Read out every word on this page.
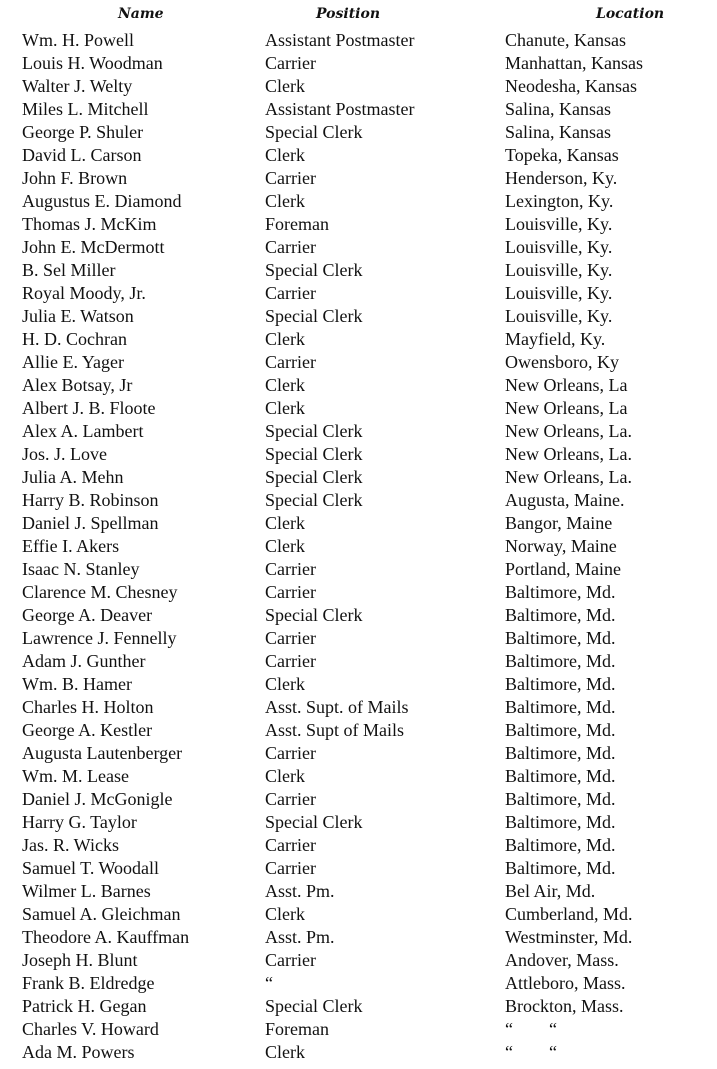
Name	Position	Location
Wm. H. Powell	Assistant Postmaster	Chanute, Kansas
Louis H. Woodman	Carrier	Manhattan, Kansas
Walter J. Welty	Clerk	Neodesha, Kansas
Miles L. Mitchell	Assistant Postmaster	Salina, Kansas
George P. Shuler	Special Clerk	Salina, Kansas
David L. Carson	Clerk	Topeka, Kansas
John F. Brown	Carrier	Henderson, Ky.
Augustus E. Diamond	Clerk	Lexington, Ky.
Thomas J. McKim	Foreman	Louisville, Ky.
John E. McDermott	Carrier	Louisville, Ky.
B. Sel Miller	Special Clerk	Louisville, Ky.
Royal Moody, Jr.	Carrier	Louisville, Ky.
Julia E. Watson	Special Clerk	Louisville, Ky.
H. D. Cochran	Clerk	Mayfield, Ky.
Allie E. Yager	Carrier	Owensboro, Ky
Alex Botsay, Jr	Clerk	New Orleans, La
Albert J. B. Floote	Clerk	New Orleans, La
Alex A. Lambert	Special Clerk	New Orleans, La.
Jos. J. Love	Special Clerk	New Orleans, La.
Julia A. Mehn	Special Clerk	New Orleans, La.
Harry B. Robinson	Special Clerk	Augusta, Maine.
Daniel J. Spellman	Clerk	Bangor, Maine
Effie I. Akers	Clerk	Norway, Maine
Isaac N. Stanley	Carrier	Portland, Maine
Clarence M. Chesney	Carrier	Baltimore, Md.
George A. Deaver	Special Clerk	Baltimore, Md.
Lawrence J. Fennelly	Carrier	Baltimore, Md.
Adam J. Gunther	Carrier	Baltimore, Md.
Wm. B. Hamer	Clerk	Baltimore, Md.
Charles H. Holton	Asst. Supt. of Mails	Baltimore, Md.
George A. Kestler	Asst. Supt of Mails	Baltimore, Md.
Augusta Lautenberger	Carrier	Baltimore, Md.
Wm. M. Lease	Clerk	Baltimore, Md.
Daniel J. McGonigle	Carrier	Baltimore, Md.
Harry G. Taylor	Special Clerk	Baltimore, Md.
Jas. R. Wicks	Carrier	Baltimore, Md.
Samuel T. Woodall	Carrier	Baltimore, Md.
Wilmer L. Barnes	Asst. Pm.	Bel Air, Md.
Samuel A. Gleichman	Clerk	Cumberland, Md.
Theodore A. Kauffman	Asst. Pm.	Westminster, Md.
Joseph H. Blunt	Carrier	Andover, Mass.
Frank B. Eldredge	“	Attleboro, Mass.
Patrick H. Gegan	Special Clerk	Brockton, Mass.
Charles V. Howard	Foreman	“  “
Ada M. Powers	Clerk	“  “
